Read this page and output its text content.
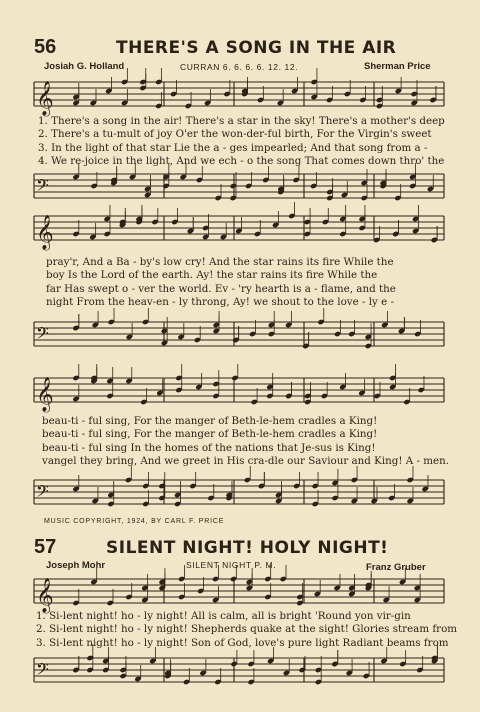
56	THERE'S A SONG IN THE AIR
Josiah G. Holland	CURRAN 6. 6. 6. 6. 12. 12.	Sherman Price
𝄞
1. There's a song in the air! There's a star in the sky! There's a mother's deep
2. There's a tu-mult of joy O'er the won-der-ful birth, For the Virgin's sweet
3. In the light of that star Lie the a - ges impearled; And that song from a -
4. We re-joice in the light, And we ech - o the song That comes down thro' the
𝄢
𝄞
pray'r, And a Ba - by's low cry! And the star rains its fire While the
boy Is the Lord of the earth. Ay! the star rains its fire While the
far Has swept o - ver the world. Ev - 'ry hearth is a - flame, and the
night From the heav-en - ly throng, Ay! we shout to the love - ly e -
𝄢
𝄞
beau-ti - ful sing, For the manger of Beth-le-hem cradles a King!
beau-ti - ful sing, For the manger of Beth-le-hem cradles a King!
beau-ti - ful sing In the homes of the nations that Je-sus is King!
vangel they bring, And we greet in His cra-dle our Saviour and King! A - men.
𝄢
MUSIC COPYRIGHT, 1924, BY CARL F. PRICE
57	SILENT NIGHT! HOLY NIGHT!
Joseph Mohr	SILENT NIGHT P. M.	Franz Gruber
𝄞
1. Si-lent night! ho - ly night! All is calm, all is bright 'Round yon vir-gin
2. Si-lent night! ho - ly night! Shepherds quake at the sight! Glories stream from
3. Si-lent night! ho - ly night! Son of God, love's pure light Radiant beams from
𝄢
